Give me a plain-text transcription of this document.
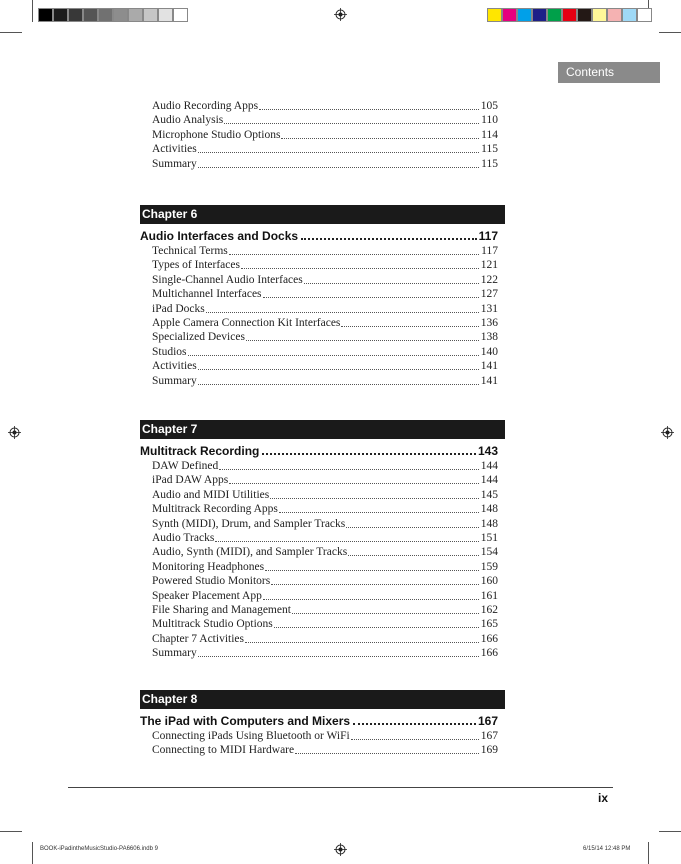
Contents
Audio Recording Apps	105
Audio Analysis	110
Microphone Studio Options	114
Activities	115
Summary	115
Chapter 6
Audio Interfaces and Docks	117
Technical Terms	117
Types of Interfaces	121
Single-Channel Audio Interfaces	122
Multichannel Interfaces	127
iPad Docks	131
Apple Camera Connection Kit Interfaces	136
Specialized Devices	138
Studios	140
Activities	141
Summary	141
Chapter 7
Multitrack Recording	143
DAW Defined	144
iPad DAW Apps	144
Audio and MIDI Utilities	145
Multitrack Recording Apps	148
Synth (MIDI), Drum, and Sampler Tracks	148
Audio Tracks	151
Audio, Synth (MIDI), and Sampler Tracks	154
Monitoring Headphones	159
Powered Studio Monitors	160
Speaker Placement App	161
File Sharing and Management	162
Multitrack Studio Options	165
Chapter 7 Activities	166
Summary	166
Chapter 8
The iPad with Computers and Mixers	167
Connecting iPads Using Bluetooth or WiFi	167
Connecting to MIDI Hardware	169
ix
BOOK-iPadintheMusicStudio-PA6606.indb 9	6/15/14 12:48 PM
